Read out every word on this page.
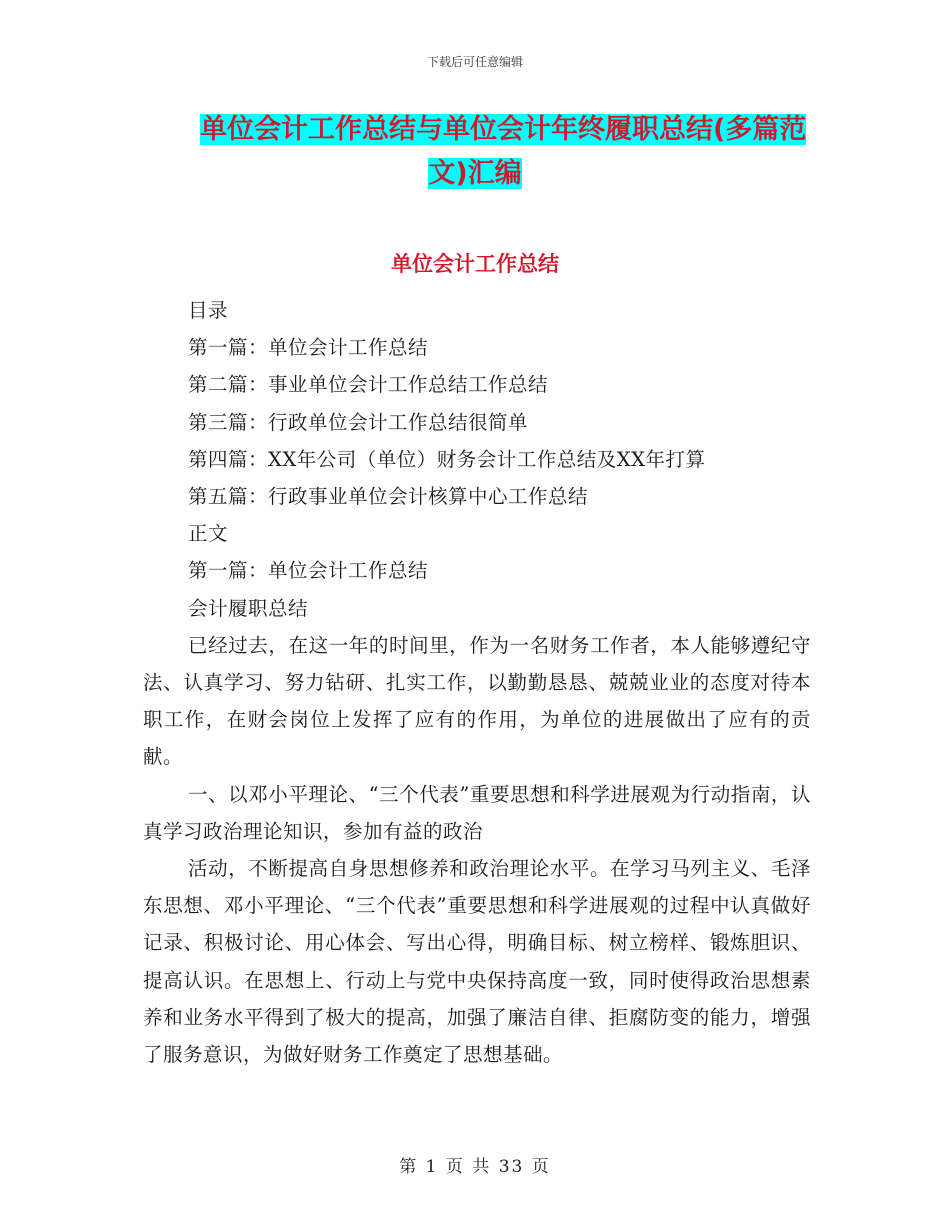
下载后可任意编辑
单位会计工作总结与单位会计年终履职总结(多篇范
文)汇编
单位会计工作总结
目录
第一篇：单位会计工作总结
第二篇：事业单位会计工作总结工作总结
第三篇：行政单位会计工作总结很简单
第四篇：XX年公司（单位）财务会计工作总结及XX年打算
第五篇：行政事业单位会计核算中心工作总结
正文
第一篇：单位会计工作总结
会计履职总结
已经过去，在这一年的时间里，作为一名财务工作者，本人能够遵纪守法、认真学习、努力钻研、扎实工作，以勤勤恳恳、兢兢业业的态度对待本职工作，在财会岗位上发挥了应有的作用，为单位的进展做出了应有的贡献。
一、以邓小平理论、“三个代表”重要思想和科学进展观为行动指南，认真学习政治理论知识，参加有益的政治
活动，不断提高自身思想修养和政治理论水平。在学习马列主义、毛泽东思想、邓小平理论、“三个代表”重要思想和科学进展观的过程中认真做好记录、积极讨论、用心体会、写出心得，明确目标、树立榜样、锻炼胆识、提高认识。在思想上、行动上与党中央保持高度一致，同时使得政治思想素养和业务水平得到了极大的提高，加强了廉洁自律、拒腐防变的能力，增强了服务意识，为做好财务工作奠定了思想基础。
第 1 页 共 33 页
